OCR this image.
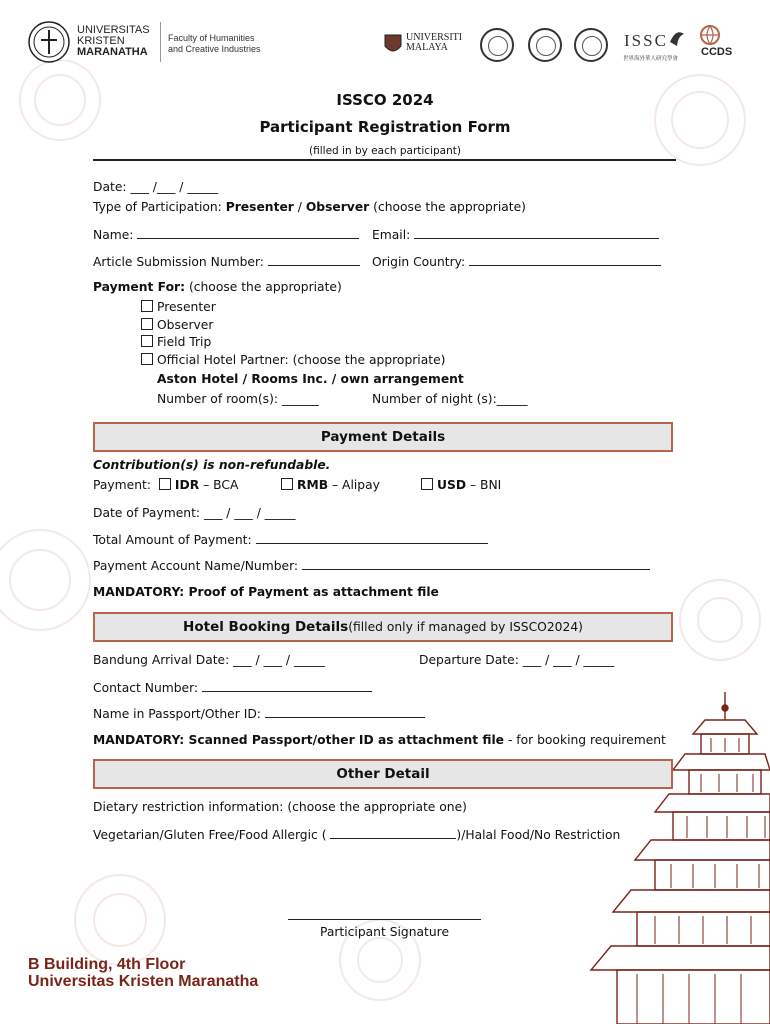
UNIVERSITAS
KRISTEN
MARANATHA
Faculty of Humanities
and Creative Industries
UNIVERSITI
MALAYA	ISSC
世界海外華人研究學會
CCDS
ISSCO 2024
Participant Registration Form
(filled in by each participant)
Date: ___ /___ / _____
Type of Participation: Presenter / Observer (choose the appropriate)
Name:	Email:
Article Submission Number:	Origin Country:
Payment For: (choose the appropriate)
Presenter
Observer
Field Trip
Official Hotel Partner: (choose the appropriate)
Aston Hotel / Rooms Inc. / own arrangement
Number of room(s): ______	Number of night (s):_____
Payment Details
Contribution(s) is non-refundable.
Payment: IDR – BCA	RMB – Alipay	USD – BNI
Date of Payment: ___ / ___ / _____
Total Amount of Payment:
Payment Account Name/Number:
MANDATORY: Proof of Payment as attachment file
Hotel Booking Details (filled only if managed by ISSCO2024)
Bandung Arrival Date: ___ / ___ / _____	Departure Date: ___ / ___ / _____
Contact Number:
Name in Passport/Other ID:
MANDATORY: Scanned Passport/other ID as attachment file - for booking requirement
Other Detail
Dietary restriction information: (choose the appropriate one)
Vegetarian/Gluten Free/Food Allergic (	)/Halal Food/No Restriction
Participant Signature
B Building, 4th Floor
Universitas Kristen Maranatha
